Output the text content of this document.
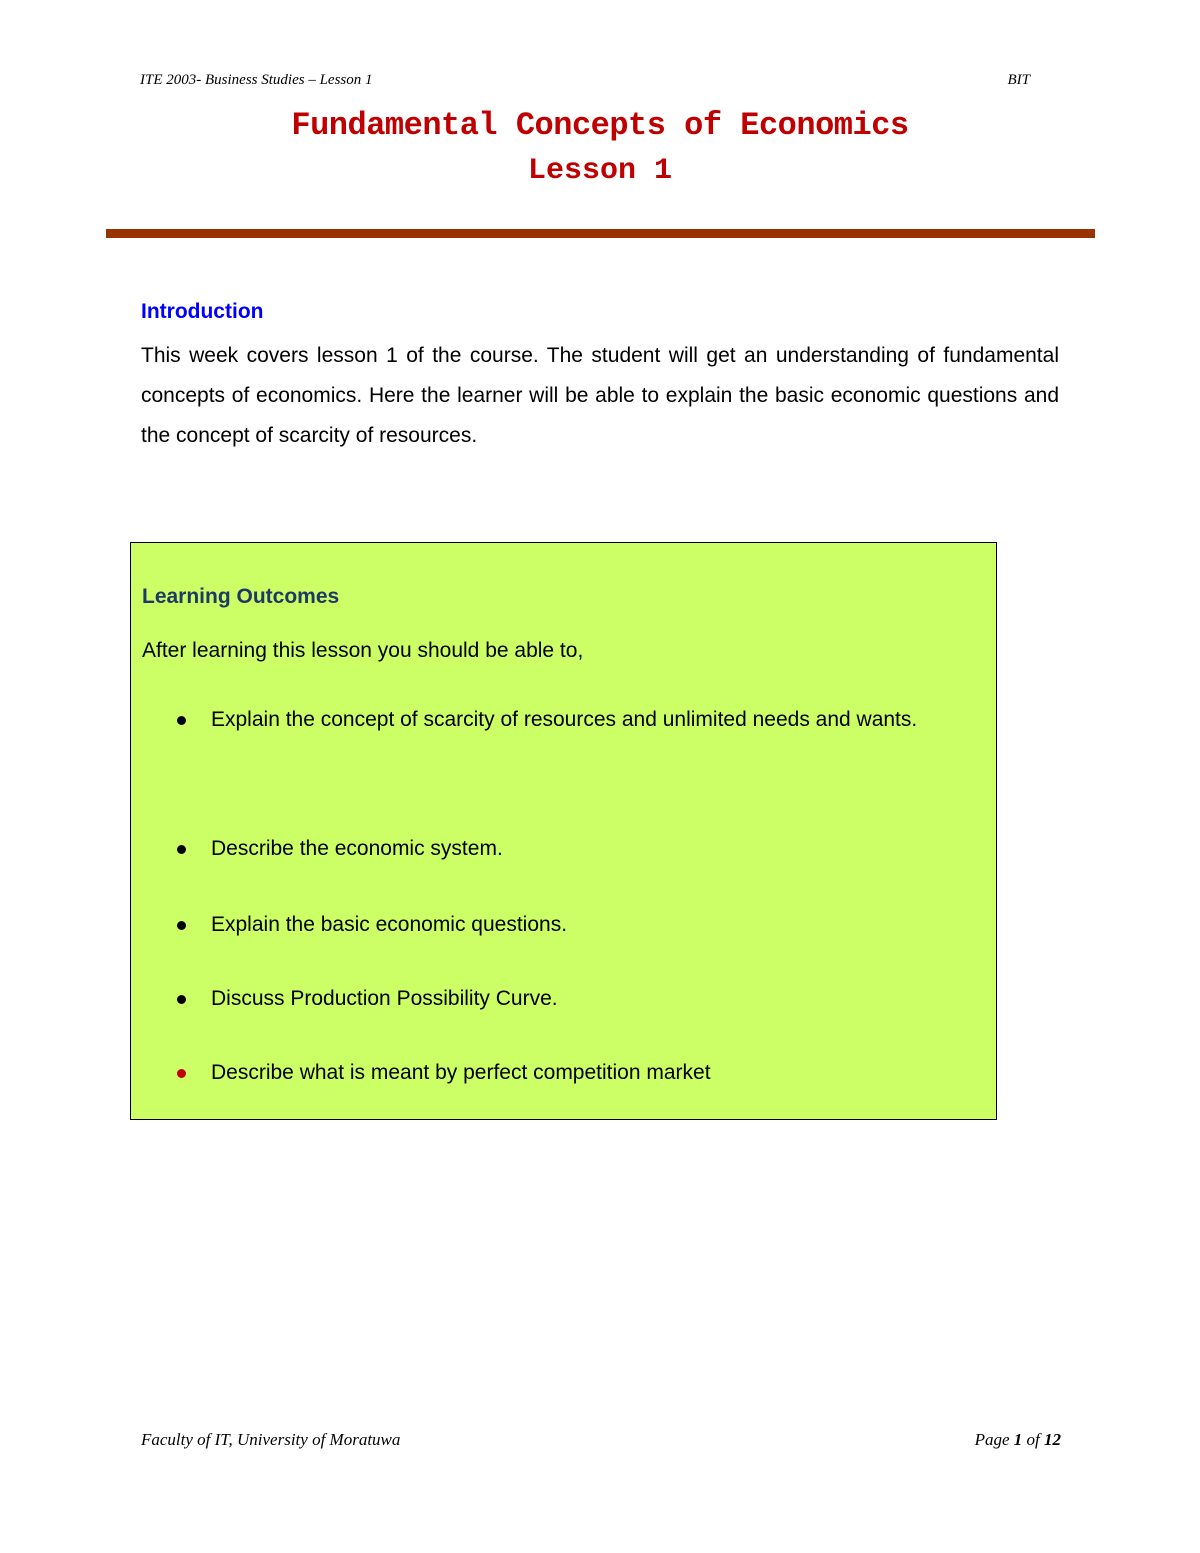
ITE 2003- Business Studies – Lesson 1	BIT
Fundamental Concepts of Economics
Lesson 1
Introduction

This week covers lesson 1 of the course. The student will get an understanding of fundamental concepts of economics. Here the learner will be able to explain the basic economic questions and the concept of scarcity of resources.

Learning Outcomes

After learning this lesson you should be able to,

Explain the concept of scarcity of resources and unlimited needs and wants.
Describe the economic system.
Explain the basic economic questions.
Discuss Production Possibility Curve.
Describe what is meant by perfect competition market
Faculty of IT, University of Moratuwa	Page 1 of 12
